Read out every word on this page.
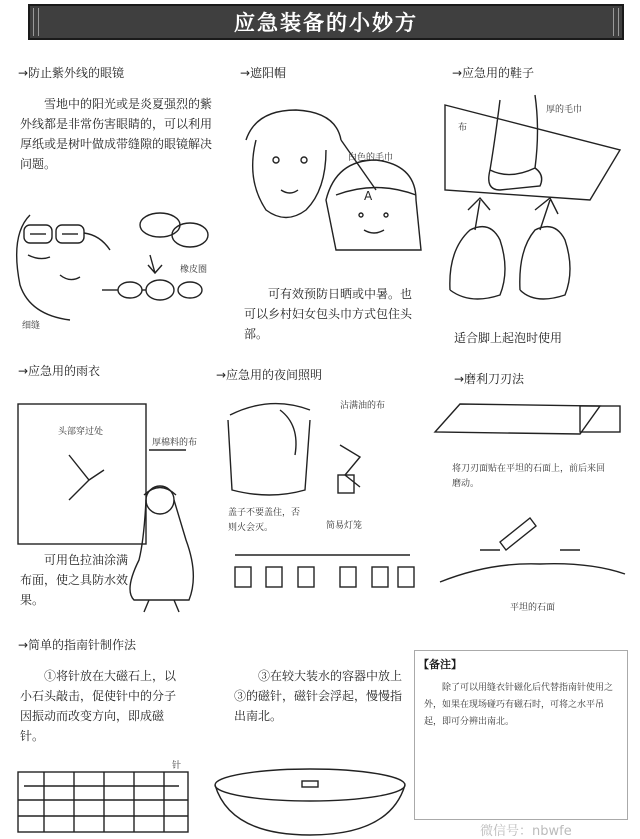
应急装备的小妙方
→防止紫外线的眼镜
雪地中的阳光或是炎夏强烈的紫外线都是非常伤害眼睛的，可以利用厚纸或是树叶做成带缝隙的眼镜解决问题。
橡皮圈
细缝
→遮阳帽
A
白色的毛巾
可有效预防日晒或中暑。也可以乡村妇女包头巾方式包住头部。
→应急用的鞋子
布
厚的毛巾
适合脚上起泡时使用
→应急用的雨衣
头部穿过处
厚棉料的布
可用色拉油涂满布面，使之具防水效果。
→应急用的夜间照明
沾满油的布
盖子不要盖住，否则火会灭。	简易灯笼
→磨利刀刃法
将刀刃面贴在平坦的石面上，前后来回磨动。
平坦的石面
→简单的指南针制作法
①将针放在大磁石上，以小石头敲击，促使针中的分子因振动而改变方向，即成磁针。
③在较大装水的容器中放上③的磁针，磁针会浮起，慢慢指出南北。
针
【备注】
除了可以用缝衣针磁化后代替指南针使用之外，如果在现场碰巧有磁石时，可将之水平吊起，即可分辨出南北。
微信号：nbwfe
